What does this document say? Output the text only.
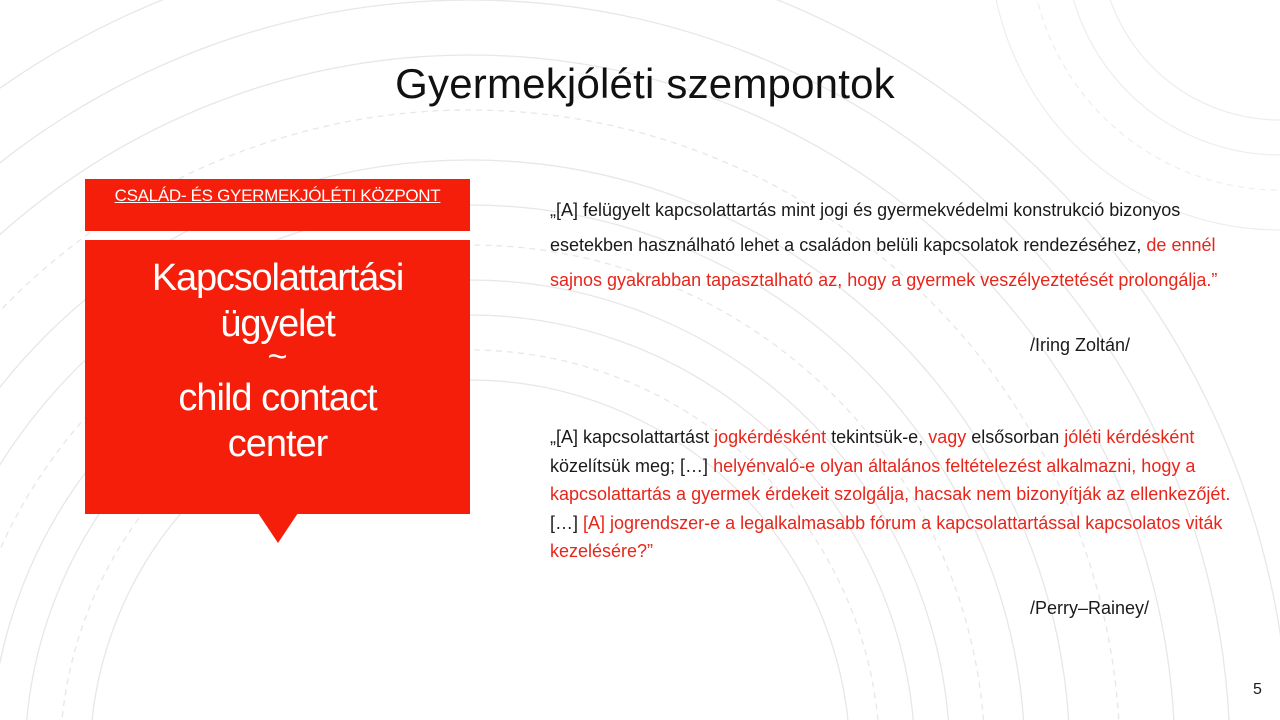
Gyermekjóléti szempontok
CSALÁD- ÉS GYERMEKJÓLÉTI KÖZPONT
Kapcsolattartási
ügyelet
~
child contact
center
„[A] felügyelt kapcsolattartás mint jogi és gyermekvédelmi konstrukció bizonyos esetekben használható lehet a családon belüli kapcsolatok rendezéséhez, de ennél sajnos gyakrabban tapasztalható az, hogy a gyermek veszélyeztetését prolongálja.”
/Iring Zoltán/
„[A] kapcsolattartást jogkérdésként tekintsük-e, vagy elsősorban jóléti kérdésként közelítsük meg; […] helyénvaló-e olyan általános feltételezést alkalmazni, hogy a kapcsolattartás a gyermek érdekeit szolgálja, hacsak nem bizonyítják az ellenkezőjét. […] [A] jogrendszer-e a legalkalmasabb fórum a kapcsolattartással kapcsolatos viták kezelésére?”
/Perry–Rainey/
5
